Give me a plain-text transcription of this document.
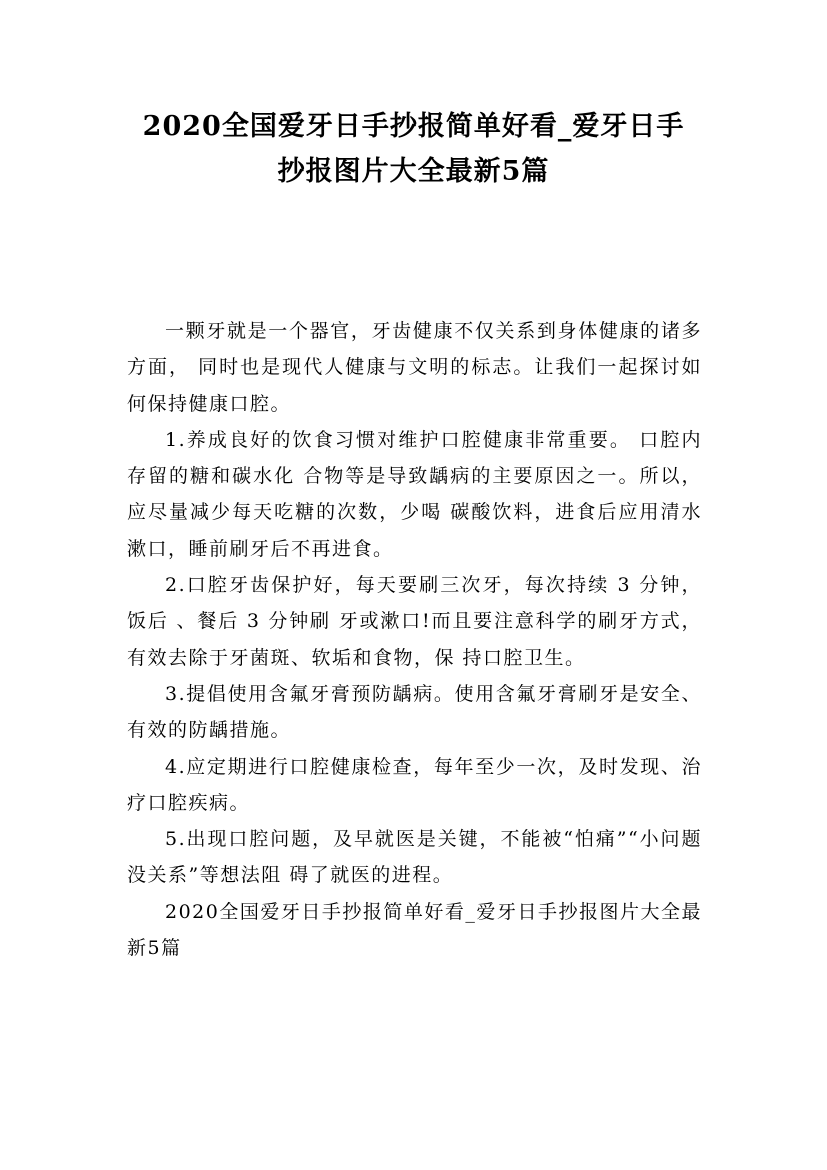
2020全国爱牙日手抄报简单好看_爱牙日手
抄报图片大全最新5篇

一颗牙就是一个器官，牙齿健康不仅关系到身体健康的诸多方面， 同时也是现代人健康与文明的标志。让我们一起探讨如何保持健康口腔。

1.养成良好的饮食习惯对维护口腔健康非常重要。 口腔内存留的糖和碳水化 合物等是导致龋病的主要原因之一。所以，应尽量减少每天吃糖的次数，少喝 碳酸饮料，进食后应用清水漱口，睡前刷牙后不再进食。

2.口腔牙齿保护好，每天要刷三次牙，每次持续 3 分钟，饭后 、餐后 3 分钟刷 牙或漱口!而且要注意科学的刷牙方式，有效去除于牙菌斑、软垢和食物，保 持口腔卫生。

3.提倡使用含氟牙膏预防龋病。使用含氟牙膏刷牙是安全、有效的防龋措施。

4.应定期进行口腔健康检查，每年至少一次，及时发现、治疗口腔疾病。

5.出现口腔问题，及早就医是关键，不能被“怕痛”“小问题没关系”等想法阻 碍了就医的进程。

2020全国爱牙日手抄报简单好看_爱牙日手抄报图片大全最新5篇
